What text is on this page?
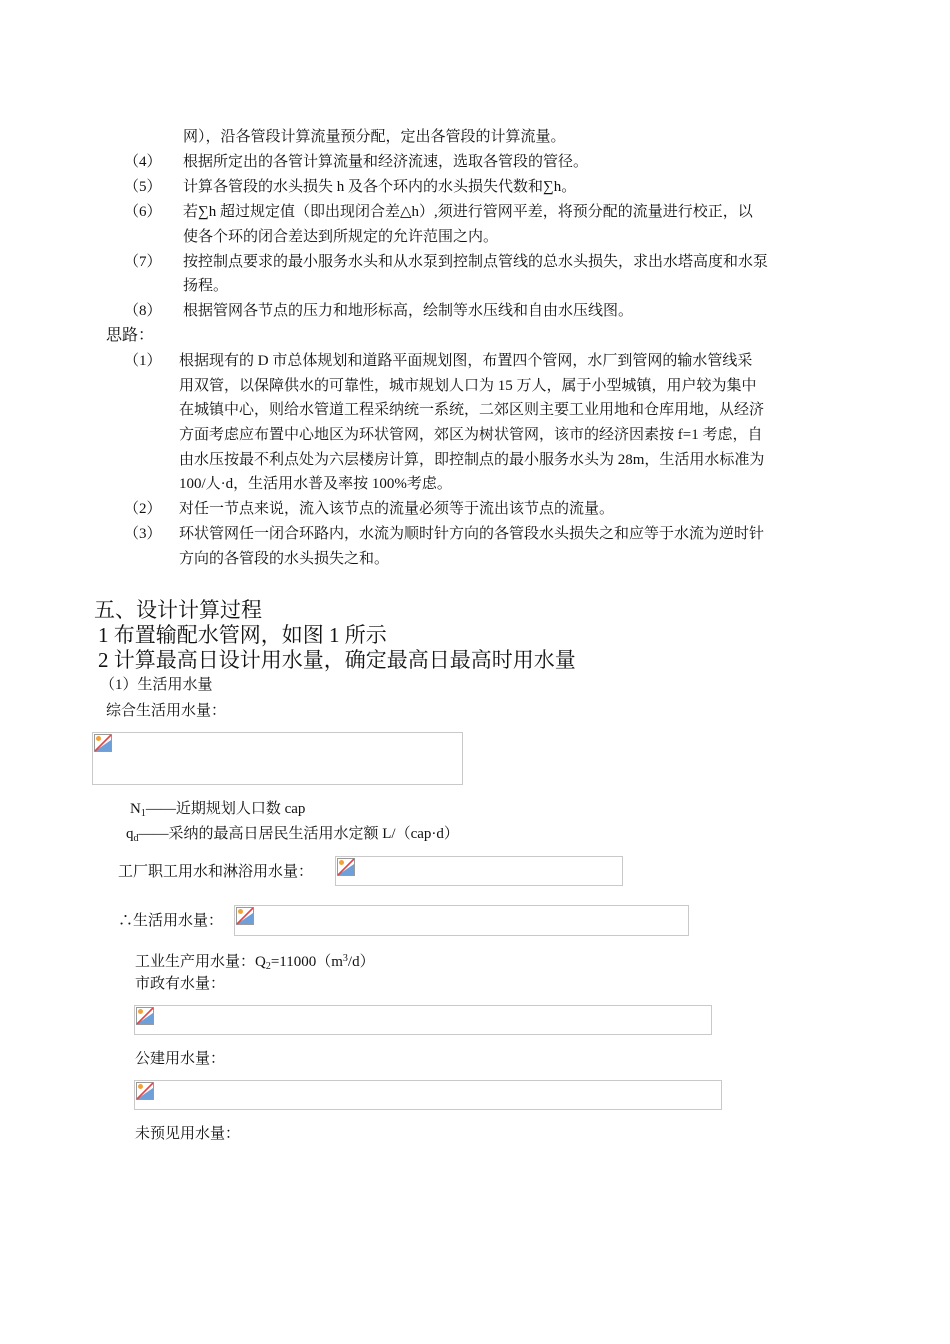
网），沿各管段计算流量预分配，定出各管段的计算流量。
（4） 根据所定出的各管计算流量和经济流速，选取各管段的管径。
（5） 计算各管段的水头损失 h 及各个环内的水头损失代数和∑h。
（6） 若∑h 超过规定值（即出现闭合差△h）,须进行管网平差，将预分配的流量进行校正，以
使各个环的闭合差达到所规定的允许范围之内。
（7） 按控制点要求的最小服务水头和从水泵到控制点管线的总水头损失，求出水塔高度和水泵
扬程。
（8） 根据管网各节点的压力和地形标高，绘制等水压线和自由水压线图。
思路：
（1） 根据现有的 D 市总体规划和道路平面规划图，布置四个管网，水厂到管网的输水管线采
用双管，以保障供水的可靠性，城市规划人口为 15 万人，属于小型城镇，用户较为集中
在城镇中心，则给水管道工程采纳统一系统，二郊区则主要工业用地和仓库用地，从经济
方面考虑应布置中心地区为环状管网，郊区为树状管网，该市的经济因素按 f=1 考虑，自
由水压按最不利点处为六层楼房计算，即控制点的最小服务水头为 28m，生活用水标准为
100/人·d，生活用水普及率按 100%考虑。
（2） 对任一节点来说，流入该节点的流量必须等于流出该节点的流量。
（3） 环状管网任一闭合环路内，水流为顺时针方向的各管段水头损失之和应等于水流为逆时针
方向的各管段的水头损失之和。
五、设计计算过程
1 布置输配水管网，如图 1 所示
2 计算最高日设计用水量，确定最高日最高时用水量
（1）生活用水量
综合生活用水量：
$N_1——$近期规划人口数 cap
$q_d——$采纳的最高日居民生活用水定额 L/（cap·d）
工厂职工用水和淋浴用水量：
∴生活用水量：
工业生产用水量：$Q_2=11000(m^3/d)$
市政有水量：
公建用水量：
未预见用水量：
